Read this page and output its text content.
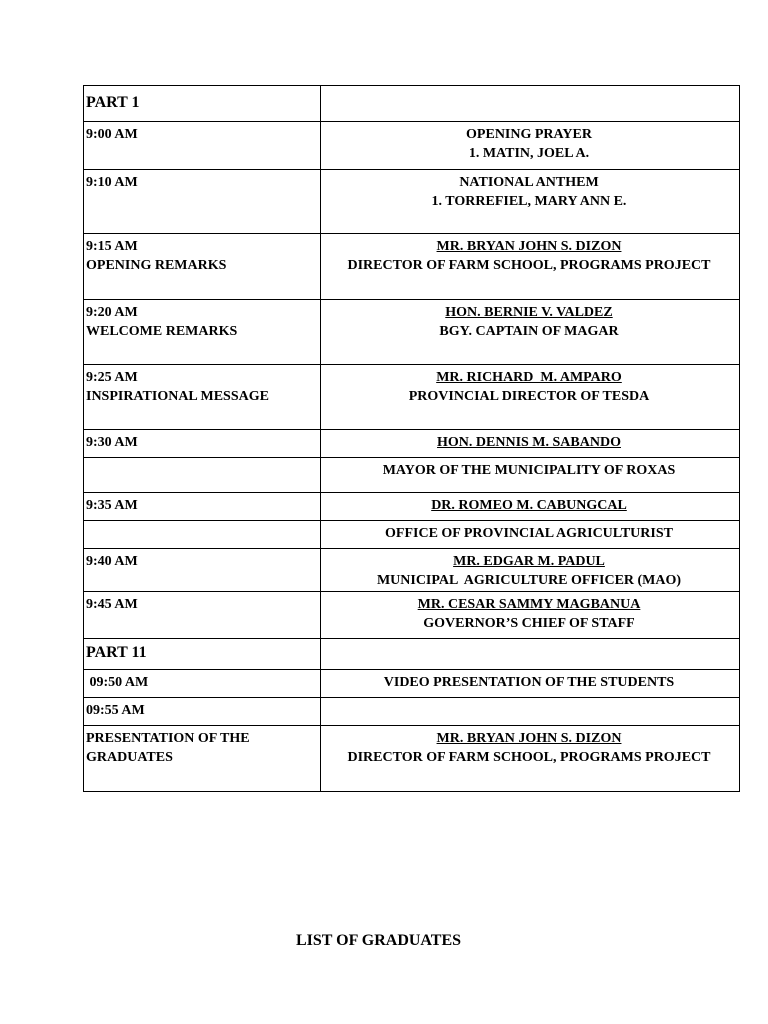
PART 1	

9:00 AM	OPENING PRAYER
1. MATIN, JOEL A.

9:10 AM	NATIONAL ANTHEM
1. TORREFIEL, MARY ANN E.

9:15 AM
OPENING REMARKS	MR. BRYAN JOHN S. DIZON
DIRECTOR OF FARM SCHOOL, PROGRAMS PROJECT

9:20 AM
WELCOME REMARKS	HON. BERNIE V. VALDEZ
BGY. CAPTAIN OF MAGAR

9:25 AM
INSPIRATIONAL MESSAGE	MR. RICHARD  M. AMPARO
PROVINCIAL DIRECTOR OF TESDA

9:30 AM	HON. DENNIS M. SABANDO

	MAYOR OF THE MUNICIPALITY OF ROXAS

9:35 AM	DR. ROMEO M. CABUNGCAL

	OFFICE OF PROVINCIAL AGRICULTURIST

9:40 AM	MR. EDGAR M. PADUL
MUNICIPAL  AGRICULTURE OFFICER (MAO)

9:45 AM	MR. CESAR SAMMY MAGBANUA
GOVERNOR’S CHIEF OF STAFF

PART 11	

09:50 AM	VIDEO PRESENTATION OF THE STUDENTS

09:55 AM	

PRESENTATION OF THE
GRADUATES	MR. BRYAN JOHN S. DIZON
DIRECTOR OF FARM SCHOOL, PROGRAMS PROJECT
LIST OF GRADUATES
